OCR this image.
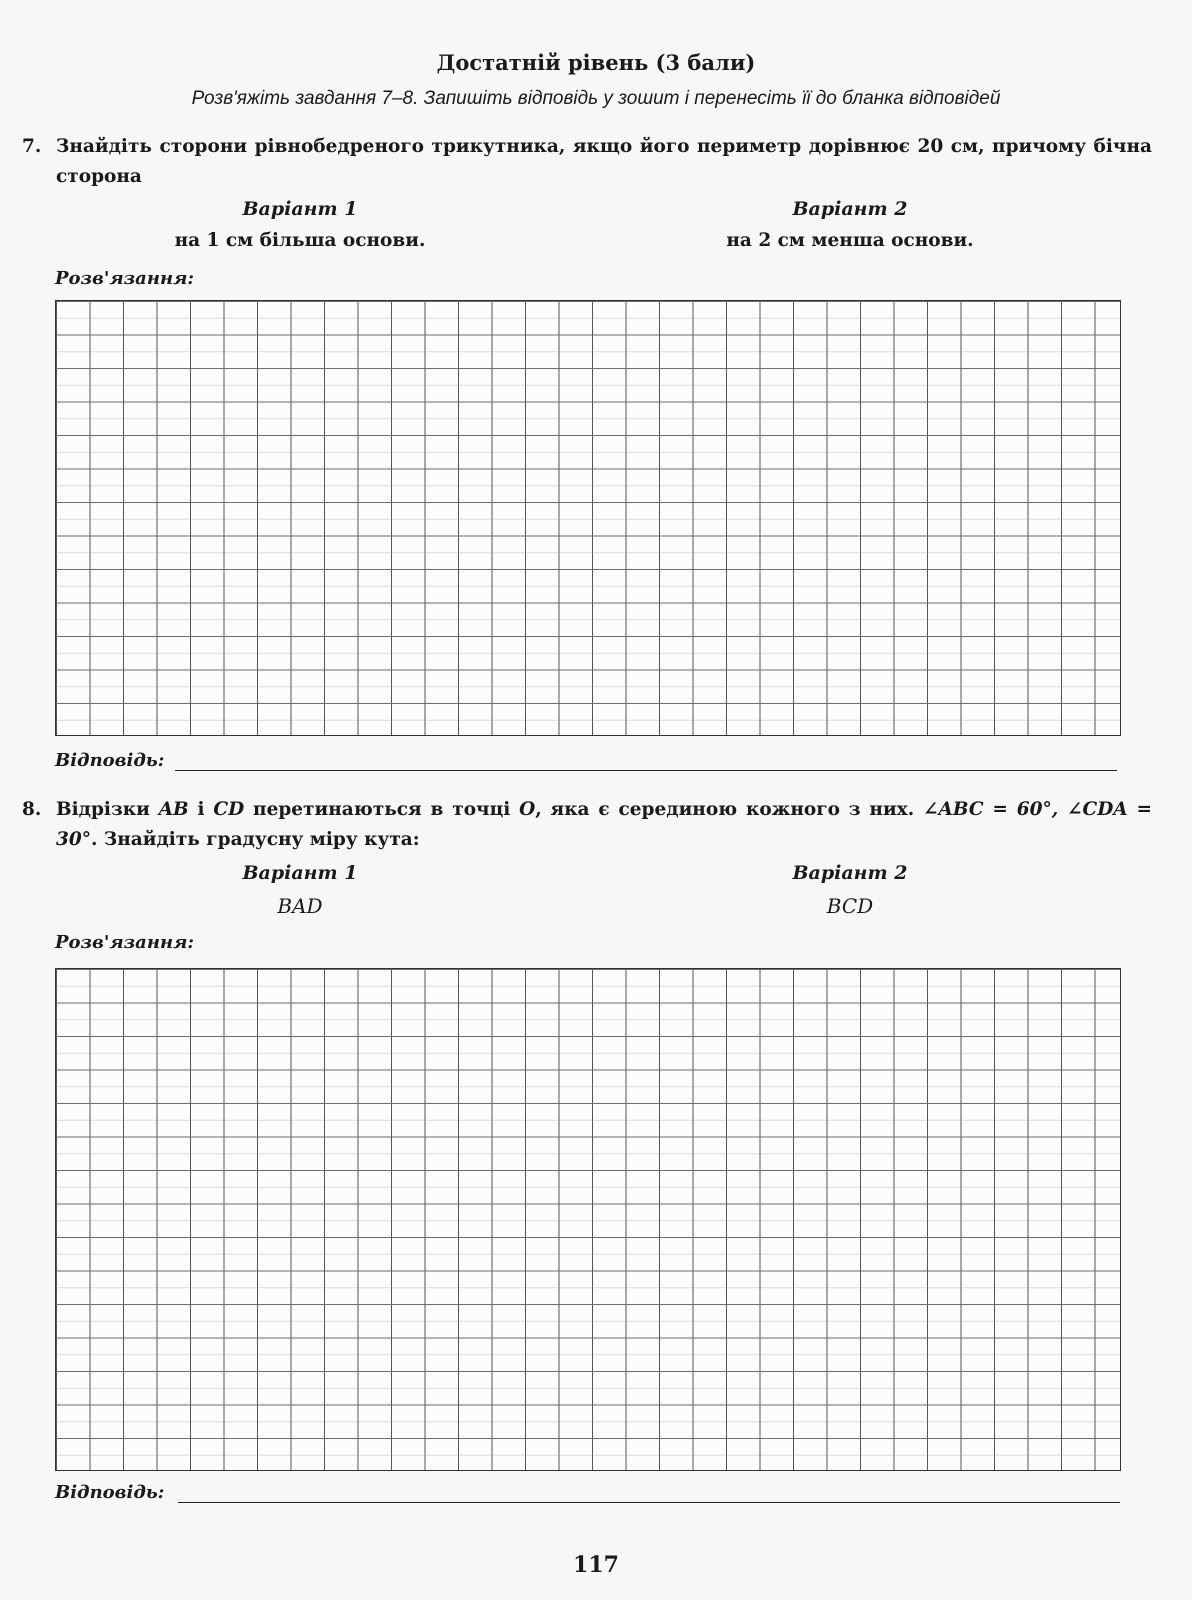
Достатній рівень (3 бали)
Розв'яжіть завдання 7–8. Запишіть відповідь у зошит і перенесіть її до бланка відповідей
7. Знайдіть сторони рівнобедреного трикутника, якщо його периметр дорівнює 20 см, причому бічна сторона
Варіант 1	Варіант 2
на 1 см більша основи.	на 2 см менша основи.
Розв'язання:
Відповідь:
8. Відрізки AB і CD перетинаються в точці O, яка є серединою кожного з них. ∠ABC = 60°, ∠CDA = 30°. Знайдіть градусну міру кута:
Варіант 1	Варіант 2
BAD	BCD
Розв'язання:
Відповідь:
117
